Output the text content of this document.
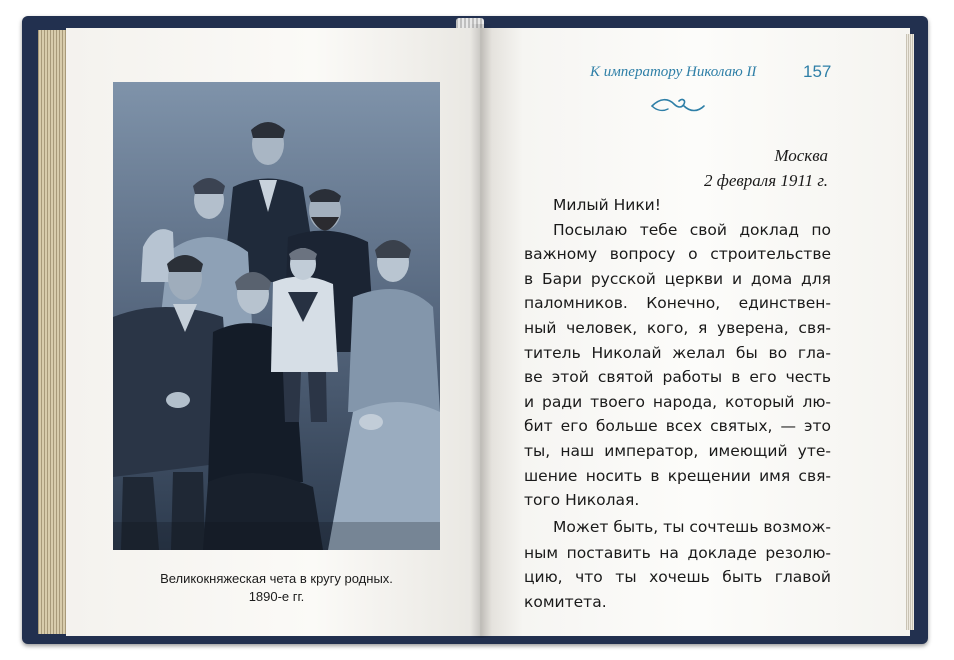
Великокняжеская чета в кругу родных.
1890-е гг.
К императору Николаю II	157
Москва
2 февраля 1911 г.
Милый Ники!
Посылаю тебе свой доклад по
важному вопросу о строительстве
в Бари русской церкви и дома для
паломников. Конечно, единствен-
ный человек, кого, я уверена, свя-
титель Николай желал бы во гла-
ве этой святой работы в его честь
и ради твоего народа, который лю-
бит его больше всех святых, — это
ты, наш император, имеющий уте-
шение носить в крещении имя свя-
того Николая.
Может быть, ты сочтешь возмож-
ным поставить на докладе резолю-
цию, что ты хочешь быть главой
комитета.
